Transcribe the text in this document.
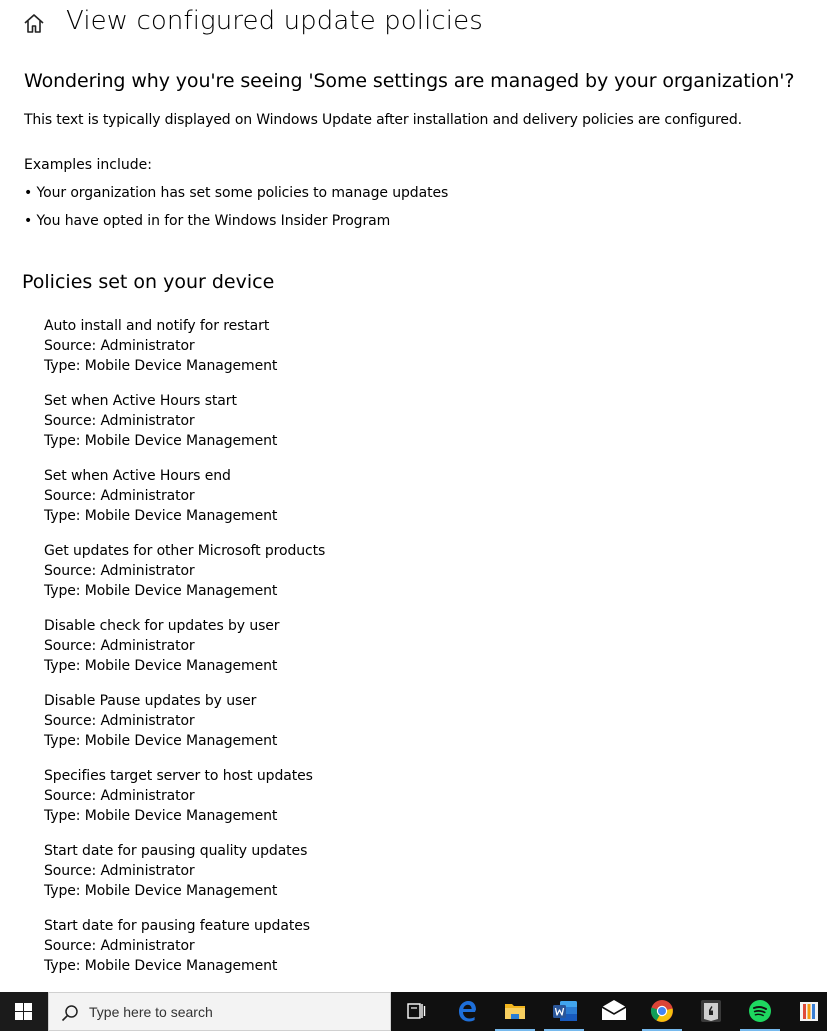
View configured update policies
Wondering why you're seeing 'Some settings are managed by your organization'?
This text is typically displayed on Windows Update after installation and delivery policies are configured.
Examples include:
• Your organization has set some policies to manage updates
• You have opted in for the Windows Insider Program
Policies set on your device
Auto install and notify for restart
Source: Administrator
Type: Mobile Device Management
Set when Active Hours start
Source: Administrator
Type: Mobile Device Management
Set when Active Hours end
Source: Administrator
Type: Mobile Device Management
Get updates for other Microsoft products
Source: Administrator
Type: Mobile Device Management
Disable check for updates by user
Source: Administrator
Type: Mobile Device Management
Disable Pause updates by user
Source: Administrator
Type: Mobile Device Management
Specifies target server to host updates
Source: Administrator
Type: Mobile Device Management
Start date for pausing quality updates
Source: Administrator
Type: Mobile Device Management
Start date for pausing feature updates
Source: Administrator
Type: Mobile Device Management
Type here to search
